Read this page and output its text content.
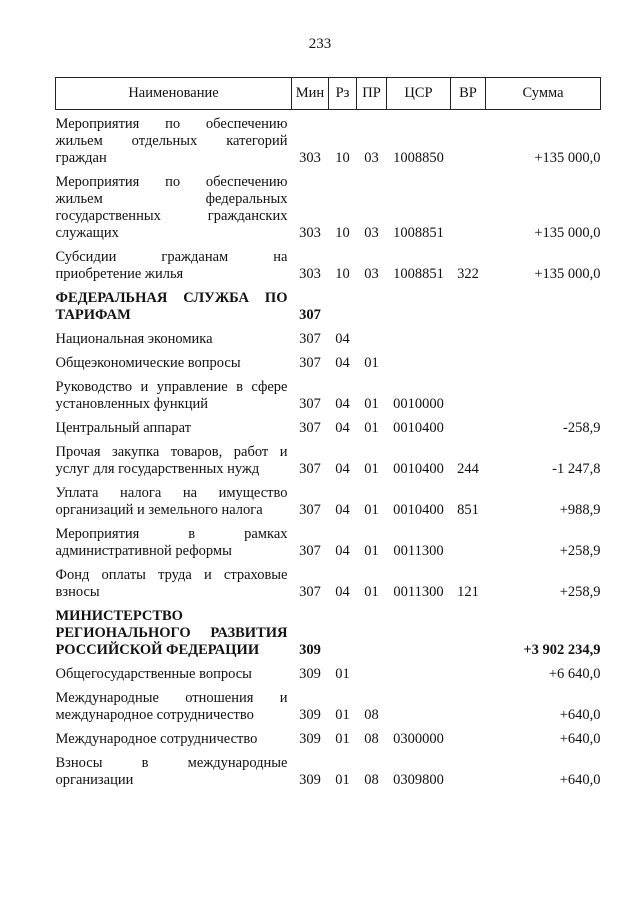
233
Наименование	Мин	Рз	ПР	ЦСР	ВР	Сумма
Мероприятия по обеспечению жильем отдельных категорий граждан	303	10	03	1008850		+135 000,0
Мероприятия по обеспечению жильем федеральных государственных гражданских служащих	303	10	03	1008851		+135 000,0
Субсидии гражданам на приобретение жилья	303	10	03	1008851	322	+135 000,0
ФЕДЕРАЛЬНАЯ СЛУЖБА ПО ТАРИФАМ	307					
Национальная экономика	307	04				
Общеэкономические вопросы	307	04	01			
Руководство и управление в сфере установленных функций	307	04	01	0010000		
Центральный аппарат	307	04	01	0010400		-258,9
Прочая закупка товаров, работ и услуг для государственных нужд	307	04	01	0010400	244	-1 247,8
Уплата налога на имущество организаций и земельного налога	307	04	01	0010400	851	+988,9
Мероприятия в рамках административной реформы	307	04	01	0011300		+258,9
Фонд оплаты труда и страховые взносы	307	04	01	0011300	121	+258,9
МИНИСТЕРСТВО РЕГИОНАЛЬНОГО РАЗВИТИЯ РОССИЙСКОЙ ФЕДЕРАЦИИ	309					+3 902 234,9
Общегосударственные вопросы	309	01				+6 640,0
Международные отношения и международное сотрудничество	309	01	08			+640,0
Международное сотрудничество	309	01	08	0300000		+640,0
Взносы в международные организации	309	01	08	0309800		+640,0
